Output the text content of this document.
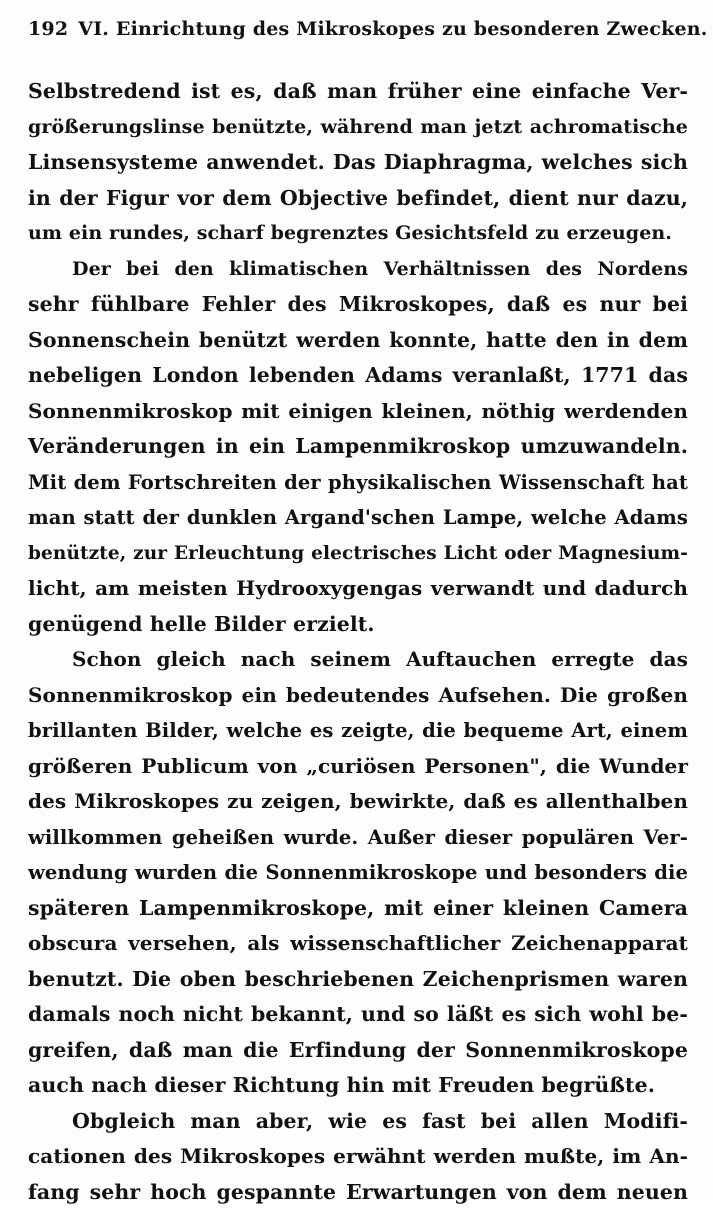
192 VI. Einrichtung des Mikroskopes zu besonderen Zwecken.
Selbstredend ist es, daß man früher eine einfache Ver-
größerungslinse benützte, während man jetzt achromatische
Linsensysteme anwendet. Das Diaphragma, welches sich
in der Figur vor dem Objective befindet, dient nur dazu,
um ein rundes, scharf begrenztes Gesichtsfeld zu erzeugen.
Der bei den klimatischen Verhältnissen des Nordens
sehr fühlbare Fehler des Mikroskopes, daß es nur bei
Sonnenschein benützt werden konnte, hatte den in dem
nebeligen London lebenden Adams veranlaßt, 1771 das
Sonnenmikroskop mit einigen kleinen, nöthig werdenden
Veränderungen in ein Lampenmikroskop umzuwandeln.
Mit dem Fortschreiten der physikalischen Wissenschaft hat
man statt der dunklen Argand'schen Lampe, welche Adams
benützte, zur Erleuchtung electrisches Licht oder Magnesium-
licht, am meisten Hydrooxygengas verwandt und dadurch
genügend helle Bilder erzielt.
Schon gleich nach seinem Auftauchen erregte das
Sonnenmikroskop ein bedeutendes Aufsehen. Die großen
brillanten Bilder, welche es zeigte, die bequeme Art, einem
größeren Publicum von „curiösen Personen", die Wunder
des Mikroskopes zu zeigen, bewirkte, daß es allenthalben
willkommen geheißen wurde. Außer dieser populären Ver-
wendung wurden die Sonnenmikroskope und besonders die
späteren Lampenmikroskope, mit einer kleinen Camera
obscura versehen, als wissenschaftlicher Zeichenapparat
benutzt. Die oben beschriebenen Zeichenprismen waren
damals noch nicht bekannt, und so läßt es sich wohl be-
greifen, daß man die Erfindung der Sonnenmikroskope
auch nach dieser Richtung hin mit Freuden begrüßte.
Obgleich man aber, wie es fast bei allen Modifi-
cationen des Mikroskopes erwähnt werden mußte, im An-
fang sehr hoch gespannte Erwartungen von dem neuen
